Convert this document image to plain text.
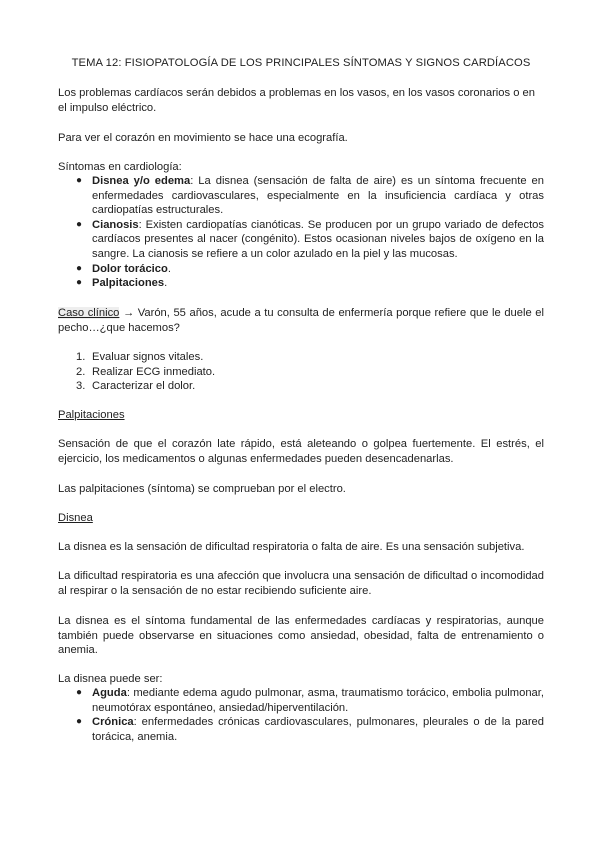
TEMA 12: FISIOPATOLOGÍA DE LOS PRINCIPALES SÍNTOMAS Y SIGNOS CARDÍACOS
Los problemas cardíacos serán debidos a problemas en los vasos, en los vasos coronarios o en el impulso eléctrico.
Para ver el corazón en movimiento se hace una ecografía.
Síntomas en cardiología:
● Disnea y/o edema: La disnea (sensación de falta de aire) es un síntoma frecuente en enfermedades cardiovasculares, especialmente en la insuficiencia cardíaca y otras cardiopatías estructurales.
● Cianosis: Existen cardiopatías cianóticas. Se producen por un grupo variado de defectos cardíacos presentes al nacer (congénito). Estos ocasionan niveles bajos de oxígeno en la sangre. La cianosis se refiere a un color azulado en la piel y las mucosas.
● Dolor torácico.
● Palpitaciones.
Caso clínico → Varón, 55 años, acude a tu consulta de enfermería porque refiere que le duele el pecho…¿que hacemos?
1. Evaluar signos vitales.
2. Realizar ECG inmediato.
3. Caracterizar el dolor.
Palpitaciones
Sensación de que el corazón late rápido, está aleteando o golpea fuertemente. El estrés, el ejercicio, los medicamentos o algunas enfermedades pueden desencadenarlas.
Las palpitaciones (síntoma) se comprueban por el electro.
Disnea
La disnea es la sensación de dificultad respiratoria o falta de aire. Es una sensación subjetiva.
La dificultad respiratoria es una afección que involucra una sensación de dificultad o incomodidad al respirar o la sensación de no estar recibiendo suficiente aire.
La disnea es el síntoma fundamental de las enfermedades cardíacas y respiratorias, aunque también puede observarse en situaciones como ansiedad, obesidad, falta de entrenamiento o anemia.
La disnea puede ser:
● Aguda: mediante edema agudo pulmonar, asma, traumatismo torácico, embolia pulmonar, neumotórax espontáneo, ansiedad/hiperventilación.
● Crónica: enfermedades crónicas cardiovasculares, pulmonares, pleurales o de la pared torácica, anemia.
